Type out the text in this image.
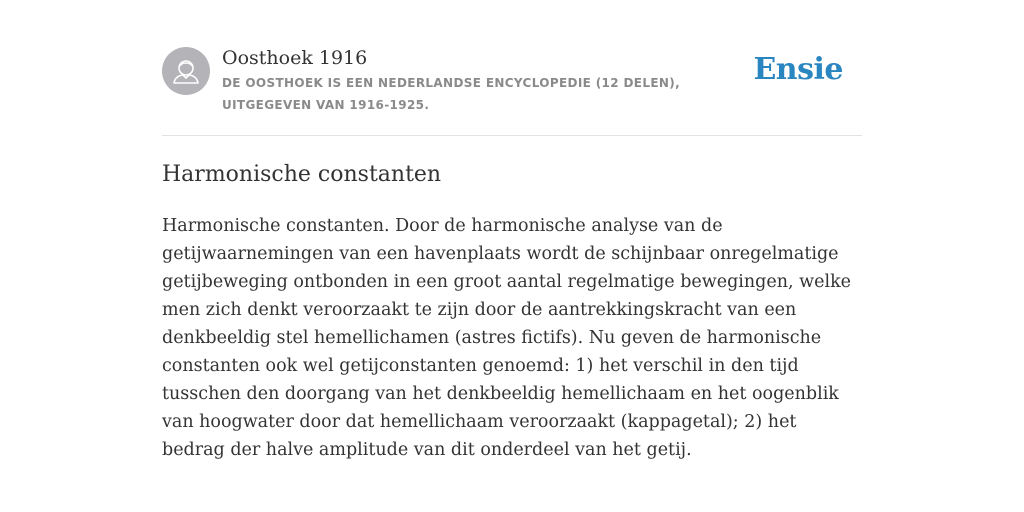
Oosthoek 1916
DE OOSTHOEK IS EEN NEDERLANDSE ENCYCLOPEDIE (12 DELEN), UITGEGEVEN VAN 1916-1925.
Ensie
Harmonische constanten

Harmonische constanten. Door de harmonische analyse van de getijwaarnemingen van een havenplaats wordt de schijnbaar onregelmatige getijbeweging ontbonden in een groot aantal regelmatige bewegingen, welke men zich denkt veroorzaakt te zijn door de aantrekkingskracht van een denkbeeldig stel hemellichamen (astres fictifs). Nu geven de harmonische constanten ook wel getijconstanten genoemd: 1) het verschil in den tijd tusschen den doorgang van het denkbeeldig hemellichaam en het oogenblik van hoogwater door dat hemellichaam veroorzaakt (kappagetal); 2) het bedrag der halve amplitude van dit onderdeel van het getij.
